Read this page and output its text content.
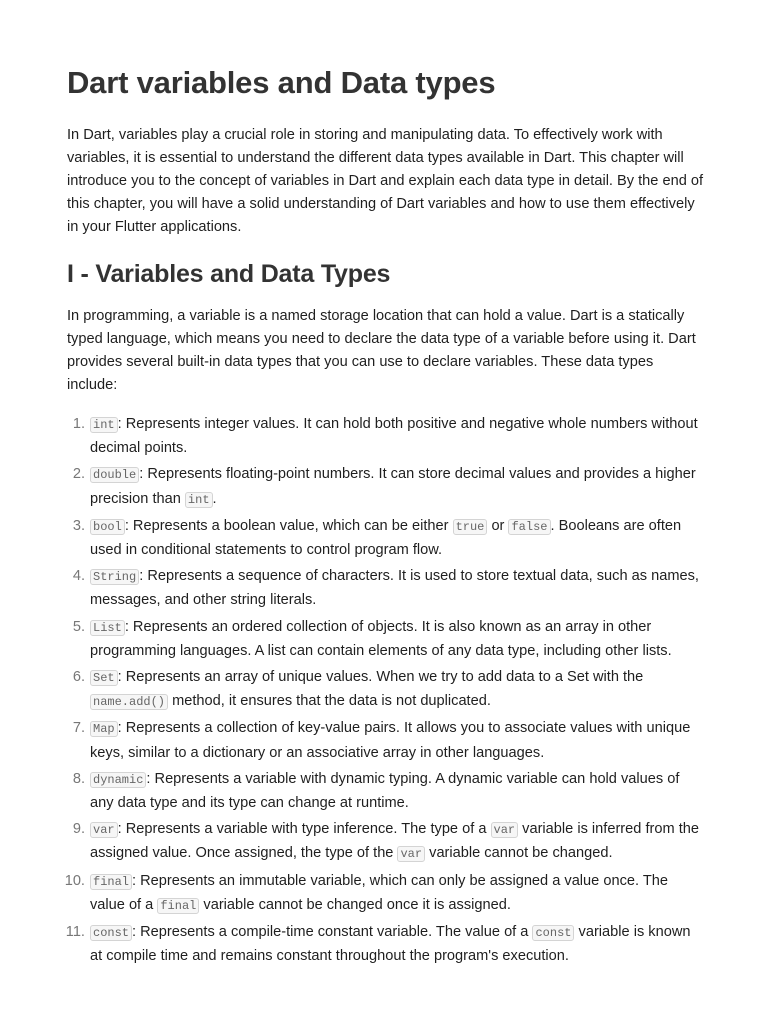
Dart variables and Data types

In Dart, variables play a crucial role in storing and manipulating data. To effectively work with variables, it is essential to understand the different data types available in Dart. This chapter will introduce you to the concept of variables in Dart and explain each data type in detail. By the end of this chapter, you will have a solid understanding of Dart variables and how to use them effectively in your Flutter applications.

I - Variables and Data Types

In programming, a variable is a named storage location that can hold a value. Dart is a statically typed language, which means you need to declare the data type of a variable before using it. Dart provides several built-in data types that you can use to declare variables. These data types include:

1. int : Represents integer values. It can hold both positive and negative whole numbers without decimal points.
2. double : Represents floating-point numbers. It can store decimal values and provides a higher precision than int .
3. bool : Represents a boolean value, which can be either true or false . Booleans are often used in conditional statements to control program flow.
4. String : Represents a sequence of characters. It is used to store textual data, such as names, messages, and other string literals.
5. List : Represents an ordered collection of objects. It is also known as an array in other programming languages. A list can contain elements of any data type, including other lists.
6. Set : Represents an array of unique values. When we try to add data to a Set with the name.add() method, it ensures that the data is not duplicated.
7. Map : Represents a collection of key-value pairs. It allows you to associate values with unique keys, similar to a dictionary or an associative array in other languages.
8. dynamic : Represents a variable with dynamic typing. A dynamic variable can hold values of any data type and its type can change at runtime.
9. var : Represents a variable with type inference. The type of a var variable is inferred from the assigned value. Once assigned, the type of the var variable cannot be changed.
10. final : Represents an immutable variable, which can only be assigned a value once. The value of a final variable cannot be changed once it is assigned.
11. const : Represents a compile-time constant variable. The value of a const variable is known at compile time and remains constant throughout the program's execution.
